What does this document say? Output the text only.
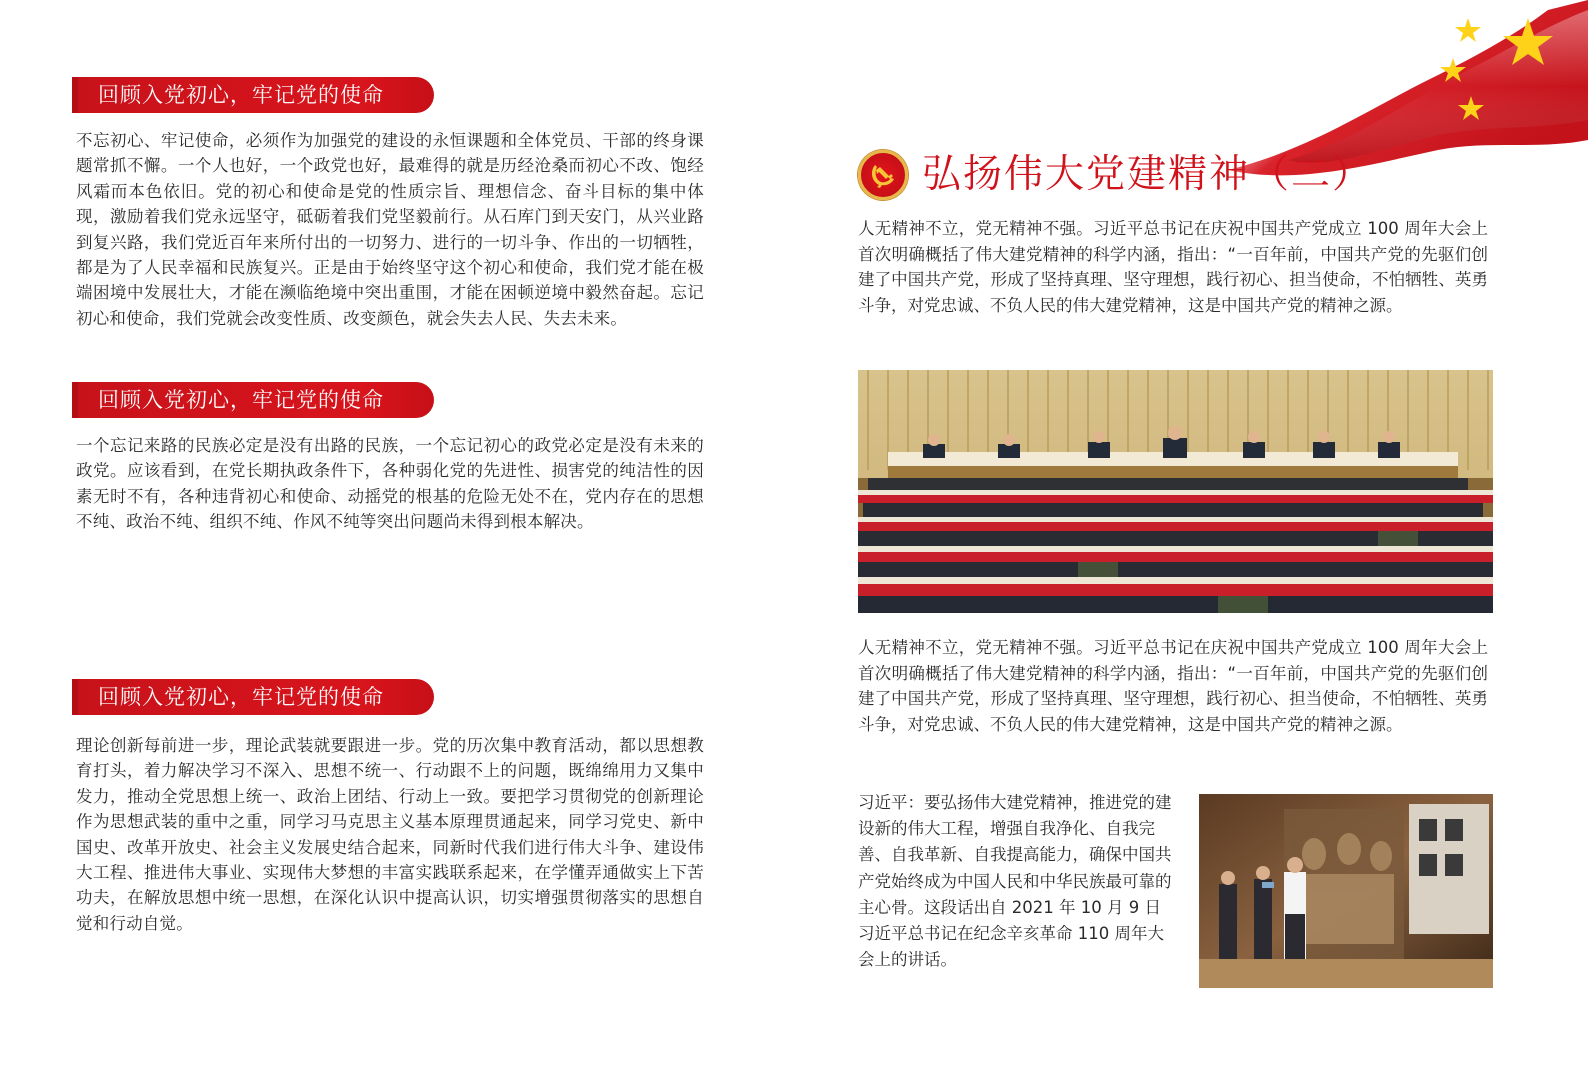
回顾入党初心，牢记党的使命
不忘初心、牢记使命，必须作为加强党的建设的永恒课题和全体党员、干部的终身课题常抓不懈。一个人也好，一个政党也好，最难得的就是历经沧桑而初心不改、饱经风霜而本色依旧。党的初心和使命是党的性质宗旨、理想信念、奋斗目标的集中体现，激励着我们党永远坚守，砥砺着我们党坚毅前行。从石库门到天安门，从兴业路到复兴路，我们党近百年来所付出的一切努力、进行的一切斗争、作出的一切牺牲，都是为了人民幸福和民族复兴。正是由于始终坚守这个初心和使命，我们党才能在极端困境中发展壮大，才能在濒临绝境中突出重围，才能在困顿逆境中毅然奋起。忘记初心和使命，我们党就会改变性质、改变颜色，就会失去人民、失去未来。
回顾入党初心，牢记党的使命
一个忘记来路的民族必定是没有出路的民族，一个忘记初心的政党必定是没有未来的政党。应该看到，在党长期执政条件下，各种弱化党的先进性、损害党的纯洁性的因素无时不有，各种违背初心和使命、动摇党的根基的危险无处不在，党内存在的思想不纯、政治不纯、组织不纯、作风不纯等突出问题尚未得到根本解决。
回顾入党初心，牢记党的使命
理论创新每前进一步，理论武装就要跟进一步。党的历次集中教育活动，都以思想教育打头，着力解决学习不深入、思想不统一、行动跟不上的问题，既绵绵用力又集中发力，推动全党思想上统一、政治上团结、行动上一致。要把学习贯彻党的创新理论作为思想武装的重中之重，同学习马克思主义基本原理贯通起来，同学习党史、新中国史、改革开放史、社会主义发展史结合起来，同新时代我们进行伟大斗争、建设伟大工程、推进伟大事业、实现伟大梦想的丰富实践联系起来，在学懂弄通做实上下苦功夫，在解放思想中统一思想，在深化认识中提高认识，切实增强贯彻落实的思想自觉和行动自觉。
弘扬伟大党建精神（二）
人无精神不立，党无精神不强。习近平总书记在庆祝中国共产党成立 100 周年大会上首次明确概括了伟大建党精神的科学内涵，指出：“一百年前，中国共产党的先驱们创建了中国共产党，形成了坚持真理、坚守理想，践行初心、担当使命，不怕牺牲、英勇斗争，对党忠诚、不负人民的伟大建党精神，这是中国共产党的精神之源。
人无精神不立，党无精神不强。习近平总书记在庆祝中国共产党成立 100 周年大会上首次明确概括了伟大建党精神的科学内涵，指出：“一百年前，中国共产党的先驱们创建了中国共产党，形成了坚持真理、坚守理想，践行初心、担当使命，不怕牺牲、英勇斗争，对党忠诚、不负人民的伟大建党精神，这是中国共产党的精神之源。
习近平：要弘扬伟大建党精神，推进党的建设新的伟大工程，增强自我净化、自我完善、自我革新、自我提高能力，确保中国共产党始终成为中国人民和中华民族最可靠的主心骨。这段话出自 2021 年 10 月 9 日习近平总书记在纪念辛亥革命 110 周年大会上的讲话。
